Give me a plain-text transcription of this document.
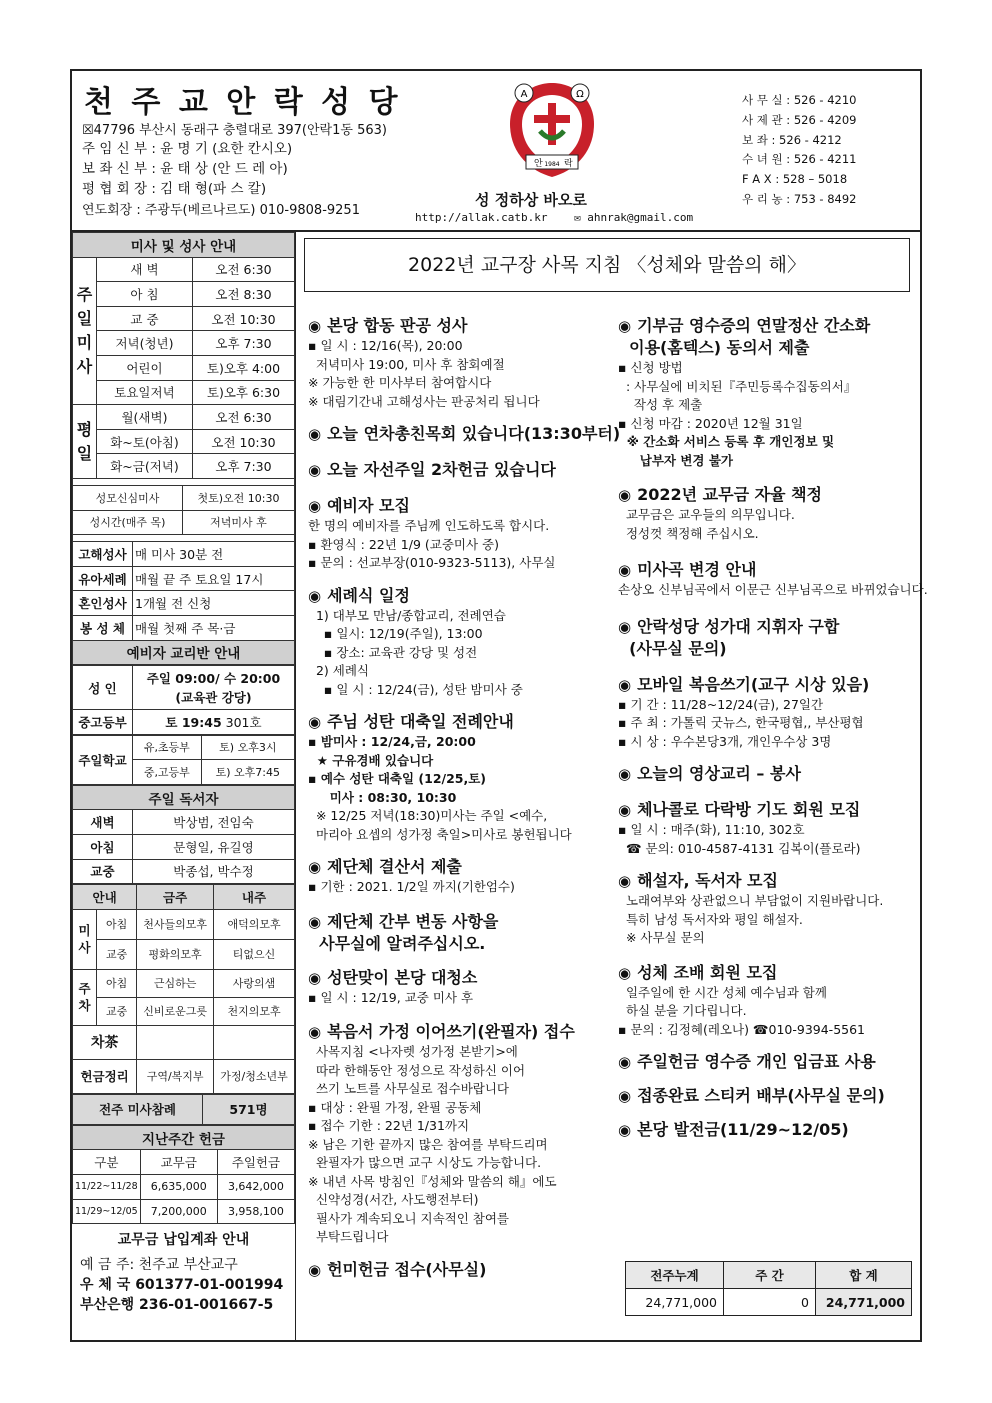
천 주 교 안 락 성 당
☒47796 부산시 동래구 충렬대로 397(안락1동 563)
주 임 신 부 : 윤 명 기 (요한 칸시오)
보 좌 신 부 : 윤 태 상 (안 드 레 아)
평 협 회 장 : 김 태 형(파 스 칼)
연도회장 : 주광두(베르나르도) 010-9808-9251
A	Ω
안 1984 락
성 정하상 바오로
http://allak.catb.kr ✉ ahnrak@gmail.com
사 무 실 : 526 - 4210
사 제 관 : 526 - 4209
보 좌 : 526 - 4212
수 녀 원 : 526 - 4211
F A X : 528 – 5018
우 리 농 : 753 - 8492
미사 및 성사 안내		
주
일
미
사	새 벽	오전 6:30
	아 침	오전 8:30
	교 중	오전 10:30
	저녁(청년)	오후 7:30
	어린이	토)오후 4:00
	토요일저녁	토)오후 6:30
평
일	월(새벽)	오전 6:30
	화~토(아침)	오전 10:30
	화~금(저녁)	오후 7:30
성모신심미사	첫토)오전 10:30
성시간(매주 목)	저녁미사 후
고해성사	매 미사 30분 전
유아세례	매월 끝 주 토요일 17시
혼인성사	1개월 전 신청
봉 성 체	매월 첫째 주 목·금
예비자 교리반 안내	
성 인	주일 09:00/ 수 20:00
(교육관 강당)
중고등부	토 19:45 301호
주일학교	유,초등부	토) 오후3시
	중,고등부	토) 오후7:45
주일 독서자	
새벽	박상범, 전임숙
아침	문형일, 유길영
교중	박종섭, 박수정
안내		금주	내주
미
사	아침	천사들의모후	애덕의모후
	교중	평화의모후	티없으신
주
차	아침	근심하는	사랑의샘
	교중	신비로운그릇	천지의모후
차茶			
헌금정리		구역/복지부	가정/청소년부
전주 미사참례	571명
지난주간 헌금		
구분	교무금	주일헌금
11/22~11/28	6,635,000	3,642,000
11/29~12/05	7,200,000	3,958,100
교무금 납입계좌 안내
예 금 주: 천주교 부산교구
우 체 국 601377-01-001994
부산은행 236-01-001667-5
2022년 교구장 사목 지침 〈성체와 말씀의 해〉
◉ 본당 합동 판공 성사
▪ 일 시 : 12/16(목), 20:00
저녁미사 19:00, 미사 후 참회예절
※ 가능한 한 미사부터 참여합시다
※ 대림기간내 고해성사는 판공처리 됩니다
◉ 오늘 연차총친목회 있습니다(13:30부터)
◉ 오늘 자선주일 2차헌금 있습니다
◉ 예비자 모집
한 명의 예비자를 주님께 인도하도록 합시다.
▪ 환영식 : 22년 1/9 (교중미사 중)
▪ 문의 : 선교부장(010-9323-5113), 사무실
◉ 세례식 일정
1) 대부모 만남/종합교리, 전례연습
▪ 일시: 12/19(주일), 13:00
▪ 장소: 교육관 강당 및 성전
2) 세례식
▪ 일 시 : 12/24(금), 성탄 밤미사 중
◉ 주님 성탄 대축일 전례안내
▪ 밤미사 : 12/24,금, 20:00
★ 구유경배 있습니다
▪ 예수 성탄 대축일 (12/25,토)
미사 : 08:30, 10:30
※ 12/25 저녁(18:30)미사는 주일 <예수,
마리아 요셉의 성가정 축일>미사로 봉헌됩니다
◉ 제단체 결산서 제출
▪ 기한 : 2021. 1/2일 까지(기한엄수)
◉ 제단체 간부 변동 사항을
사무실에 알려주십시오.
◉ 성탄맞이 본당 대청소
▪ 일 시 : 12/19, 교중 미사 후
◉ 복음서 가정 이어쓰기(완필자) 접수
사목지침 <나자렛 성가정 본받기>에
따라 한해동안 정성으로 작성하신 이어
쓰기 노트를 사무실로 접수바랍니다
▪ 대상 : 완필 가정, 완필 공동체
▪ 접수 기한 : 22년 1/31까지
※ 남은 기한 끝까지 많은 참여를 부탁드리며
완필자가 많으면 교구 시상도 가능합니다.
※ 내년 사목 방침인『성체와 말씀의 해』에도
신약성경(서간, 사도행전부터)
필사가 계속되오니 지속적인 참여를
부탁드립니다
◉ 헌미헌금 접수(사무실)
◉ 기부금 영수증의 연말정산 간소화
이용(홈텍스) 동의서 제출
▪ 신청 방법
: 사무실에 비치된『주민등록수집동의서』
작성 후 제출
▪ 신청 마감 : 2020년 12월 31일
※ 간소화 서비스 등록 후 개인정보 및
납부자 변경 불가
◉ 2022년 교무금 자율 책정
교무금은 교우들의 의무입니다.
정성껏 책정해 주십시오.
◉ 미사곡 변경 안내
손상오 신부님곡에서 이문근 신부님곡으로 바뀌었습니다.
◉ 안락성당 성가대 지휘자 구합
(사무실 문의)
◉ 모바일 복음쓰기(교구 시상 있음)
▪ 기 간 : 11/28~12/24(금), 27일간
▪ 주 최 : 가톨릭 굿뉴스, 한국평협,, 부산평협
▪ 시 상 : 우수본당3개, 개인우수상 3명
◉ 오늘의 영상교리 – 봉사
◉ 체나콜로 다락방 기도 회원 모집
▪ 일 시 : 매주(화), 11:10, 302호
☎ 문의: 010-4587-4131 김복이(플로라)
◉ 해설자, 독서자 모집
노래여부와 상관없으니 부담없이 지원바랍니다.
특히 남성 독서자와 평일 해설자.
※ 사무실 문의
◉ 성체 조배 회원 모집
일주일에 한 시간 성체 예수님과 함께
하실 분을 기다립니다.
▪ 문의 : 김정혜(레오나) ☎010-9394-5561
◉ 주일헌금 영수증 개인 입금표 사용
◉ 접종완료 스티커 배부(사무실 문의)
◉ 본당 발전금(11/29~12/05)
전주누계	주 간	합 계
24,771,000	0	24,771,000
